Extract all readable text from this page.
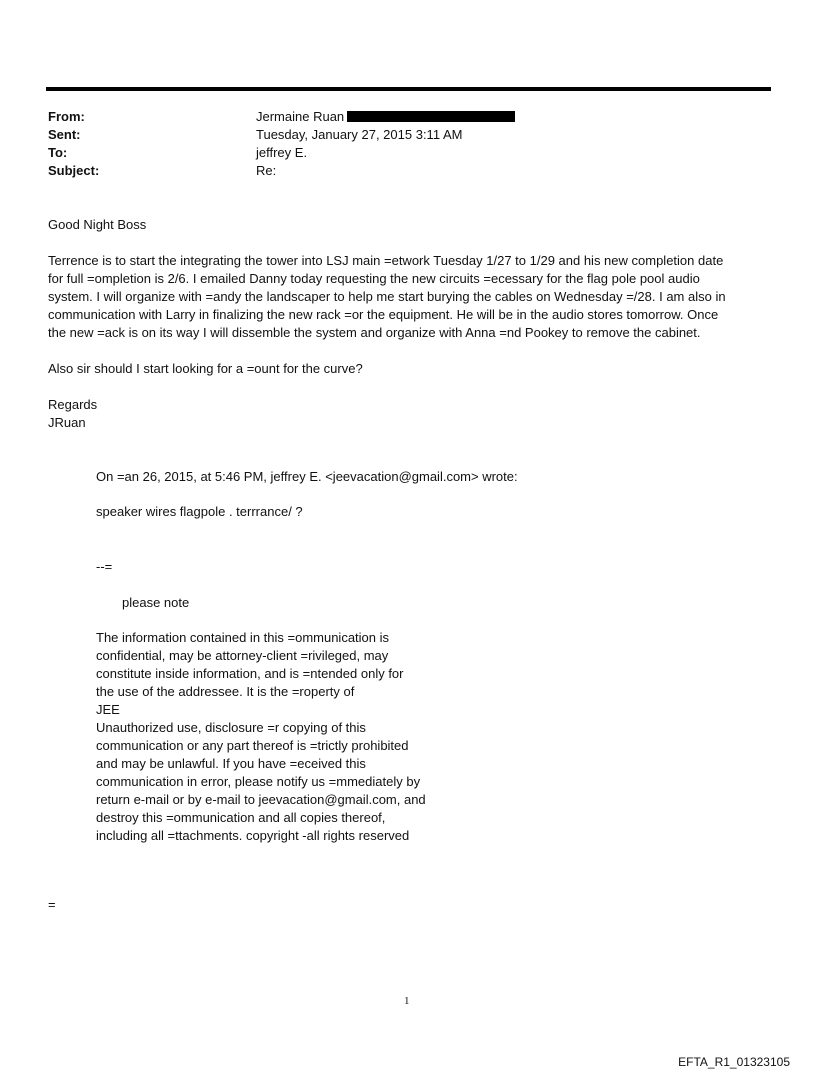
From:	Jermaine Ruan
Sent:	Tuesday, January 27, 2015 3:11 AM
To:	jeffrey E.
Subject:	Re:
Good Night Boss

Terrence is to start the integrating the tower into LSJ main =etwork Tuesday 1/27 to 1/29 and his new completion date

for full =ompletion is 2/6. I emailed Danny today requesting the new circuits =ecessary for the flag pole pool audio

system. I will organize with =andy the landscaper to help me start burying the cables on Wednesday =/28. I am also in

communication with Larry in finalizing the new rack =or the equipment. He will be in the audio stores tomorrow. Once

the new =ack is on its way I will dissemble the system and organize with Anna =nd Pookey to remove the cabinet.

Also sir should I start looking for a =ount for the curve?
Regards
JRuan
On =an 26, 2015, at 5:46 PM, jeffrey E. <jeevacation@gmail.com> wrote:
speaker wires flagpole . terrrance/ ?
--=
please note
The information contained in this =ommunication is
confidential, may be attorney-client =rivileged, may
constitute inside information, and is =ntended only for
the use of the addressee. It is the =roperty of
JEE
Unauthorized use, disclosure =r copying of this
communication or any part thereof is =trictly prohibited
and may be unlawful. If you have =eceived this
communication in error, please notify us =mmediately by
return e-mail or by e-mail to jeevacation@gmail.com, and
destroy this =ommunication and all copies thereof,
including all =ttachments. copyright -all rights reserved
=
1
EFTA_R1_01323105
